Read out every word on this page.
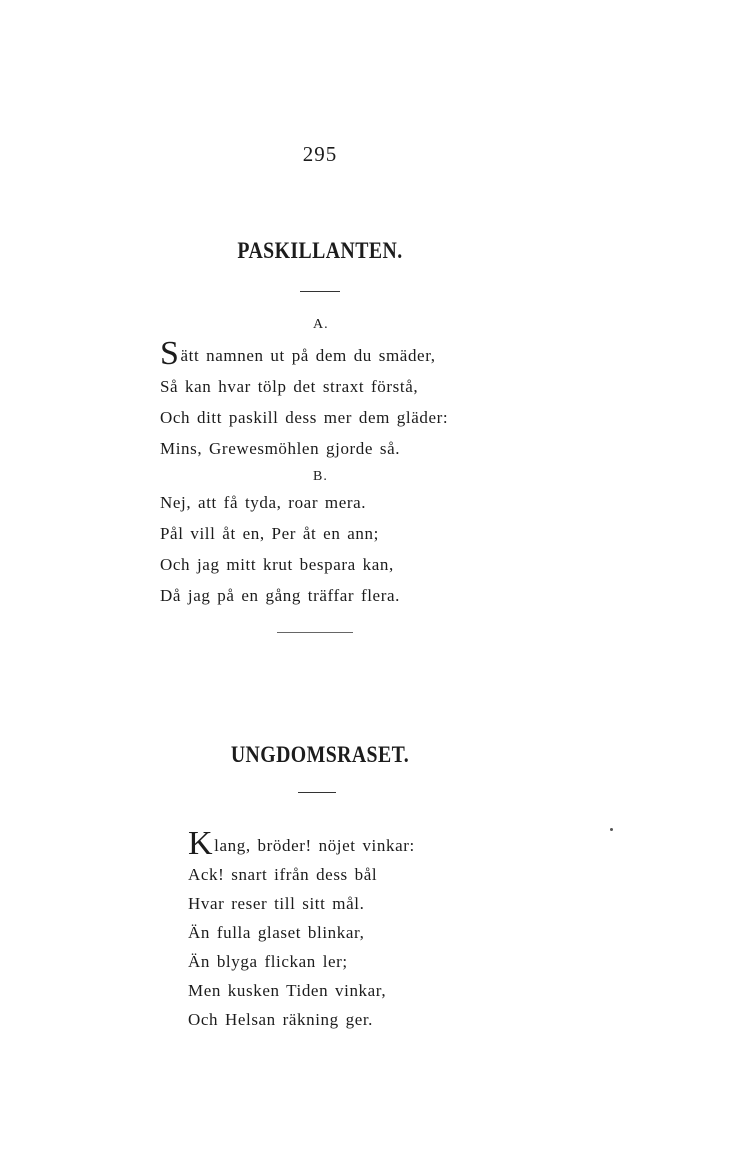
295
PASKILLANTEN.
A.
Sätt namnen ut på dem du smäder,
Så kan hvar tölp det straxt förstå,
Och ditt paskill dess mer dem gläder:
Mins, Grewesmöhlen gjorde så.
B.
Nej, att få tyda, roar mera.
Pål vill åt en, Per åt en ann;
Och jag mitt krut bespara kan,
Då jag på en gång träffar flera.
UNGDOMSRASET.
Klang, bröder! nöjet vinkar:
Ack! snart ifrån dess bål
Hvar reser till sitt mål.
Än fulla glaset blinkar,
Än blyga flickan ler;
Men kusken Tiden vinkar,
Och Helsan räkning ger.
